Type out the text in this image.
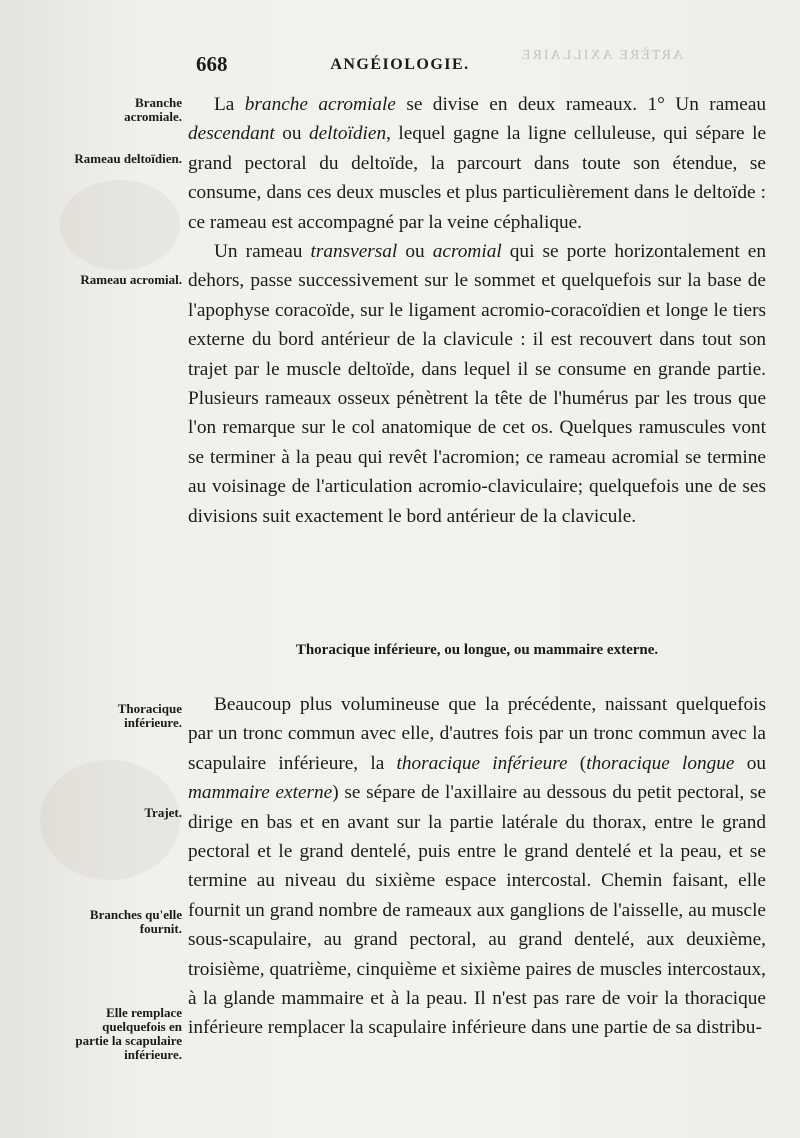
ARTÈRE AXILLAIRE
668	ANGÉIOLOGIE.
Branche acromiale.
Rameau deltoïdien.
Rameau acromial.
Thoracique inférieure.
Trajet.
Branches qu'elle fournit.
Elle remplace quelquefois en partie la scapulaire inférieure.

La branche acromiale se divise en deux rameaux. 1° Un rameau descendant ou deltoïdien, lequel gagne la ligne celluleuse, qui sépare le grand pectoral du deltoïde, la parcourt dans toute son étendue, se consume, dans ces deux muscles et plus particulièrement dans le deltoïde : ce rameau est accompagné par la veine céphalique.

Un rameau transversal ou acromial qui se porte horizontalement en dehors, passe successivement sur le sommet et quelquefois sur la base de l'apophyse coracoïde, sur le ligament acromio-coracoïdien et longe le tiers externe du bord antérieur de la clavicule : il est recouvert dans tout son trajet par le muscle deltoïde, dans lequel il se consume en grande partie. Plusieurs rameaux osseux pénètrent la tête de l'humérus par les trous que l'on remarque sur le col anatomique de cet os. Quelques ramuscules vont se terminer à la peau qui revêt l'acromion; ce rameau acromial se termine au voisinage de l'articulation acromio-claviculaire; quelquefois une de ses divisions suit exactement le bord antérieur de la clavicule.

Thoracique inférieure, ou longue, ou mammaire externe.

Beaucoup plus volumineuse que la précédente, naissant quelquefois par un tronc commun avec elle, d'autres fois par un tronc commun avec la scapulaire inférieure, la thoracique inférieure (thoracique longue ou mammaire externe) se sépare de l'axillaire au dessous du petit pectoral, se dirige en bas et en avant sur la partie latérale du thorax, entre le grand pectoral et le grand dentelé, puis entre le grand dentelé et la peau, et se termine au niveau du sixième espace intercostal. Chemin faisant, elle fournit un grand nombre de rameaux aux ganglions de l'aisselle, au muscle sous-scapulaire, au grand pectoral, au grand dentelé, aux deuxième, troisième, quatrième, cinquième et sixième paires de muscles intercostaux, à la glande mammaire et à la peau. Il n'est pas rare de voir la thoracique inférieure remplacer la scapulaire inférieure dans une partie de sa distribu-
